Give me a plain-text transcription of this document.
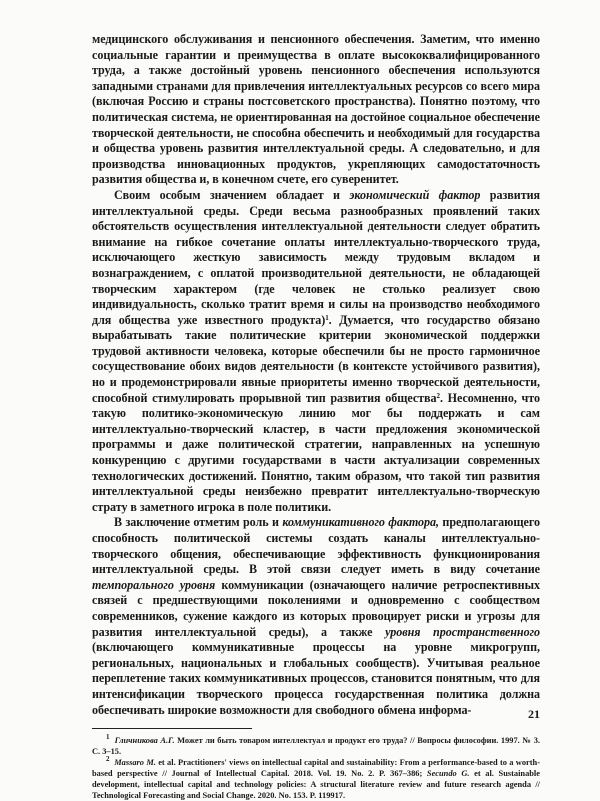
медицинского обслуживания и пенсионного обеспечения. Заметим, что именно социальные гарантии и преимущества в оплате высококвалифицированного труда, а также достойный уровень пенсионного обеспечения используются западными странами для привлечения интеллектуальных ресурсов со всего мира (включая Россию и страны постсоветского пространства). Понятно поэтому, что политическая система, не ориентированная на достойное социальное обеспечение творческой деятельности, не способна обеспечить и необходимый для государства и общества уровень развития интеллектуальной среды. А следовательно, и для производства инновационных продуктов, укрепляющих самодостаточность развития общества и, в конечном счете, его суверенитет.

Своим особым значением обладает и экономический фактор развития интеллектуальной среды. Среди весьма разнообразных проявлений таких обстоятельств осуществления интеллектуальной деятельности следует обратить внимание на гибкое сочетание оплаты интеллектуально-творческого труда, исключающего жесткую зависимость между трудовым вкладом и вознаграждением, с оплатой производительной деятельности, не обладающей творческим характером (где человек не столько реализует свою индивидуальность, сколько тратит время и силы на производство необходимого для общества уже известного продукта)$^1$. Думается, что государство обязано вырабатывать такие политические критерии экономической поддержки трудовой активности человека, которые обеспечили бы не просто гармоничное сосуществование обоих видов деятельности (в контексте устойчивого развития), но и продемонстрировали явные приоритеты именно творческой деятельности, способной стимулировать прорывной тип развития общества$^2$. Несомненно, что такую политико-экономическую линию мог бы поддержать и сам интеллектуально-творческий кластер, в части предложения экономической программы и даже политической стратегии, направленных на успешную конкуренцию с другими государствами в части актуализации современных технологических достижений. Понятно, таким образом, что такой тип развития интеллектуальной среды неизбежно превратит интеллектуально-творческую страту в заметного игрока в поле политики.

В заключение отметим роль и коммуникативного фактора, предполагающего способность политической системы создать каналы интеллектуально-творческого общения, обеспечивающие эффективность функционирования интеллектуальной среды. В этой связи следует иметь в виду сочетание темпорального уровня коммуникации (означающего наличие ретроспективных связей с предшествующими поколениями и одновременно с сообществом современников, сужение каждого из которых провоцирует риски и угрозы для развития интеллектуальной среды), а также уровня пространственного (включающего коммуникативные процессы на уровне микрогрупп, региональных, национальных и глобальных сообществ). Учитывая реальное переплетение таких коммуникативных процессов, становится понятным, что для интенсификации творческого процесса государственная политика должна обеспечивать широкие возможности для свободного обмена информа-

$^1$ Гличникова А.Г. Может ли быть товаром интеллектуал и продукт его труда? // Вопросы философии. 1997. № 3. С. 3–15.

$^2$ Massaro M. et al. Practitioners' views on intellectual capital and sustainability: From a performance-based to a worth-based perspective // Journal of Intellectual Capital. 2018. Vol. 19. No. 2. P. 367–386; Secundo G. et al. Sustainable development, intellectual capital and technology policies: A structural literature review and future research agenda // Technological Forecasting and Social Change. 2020. No. 153. P. 119917.

21
